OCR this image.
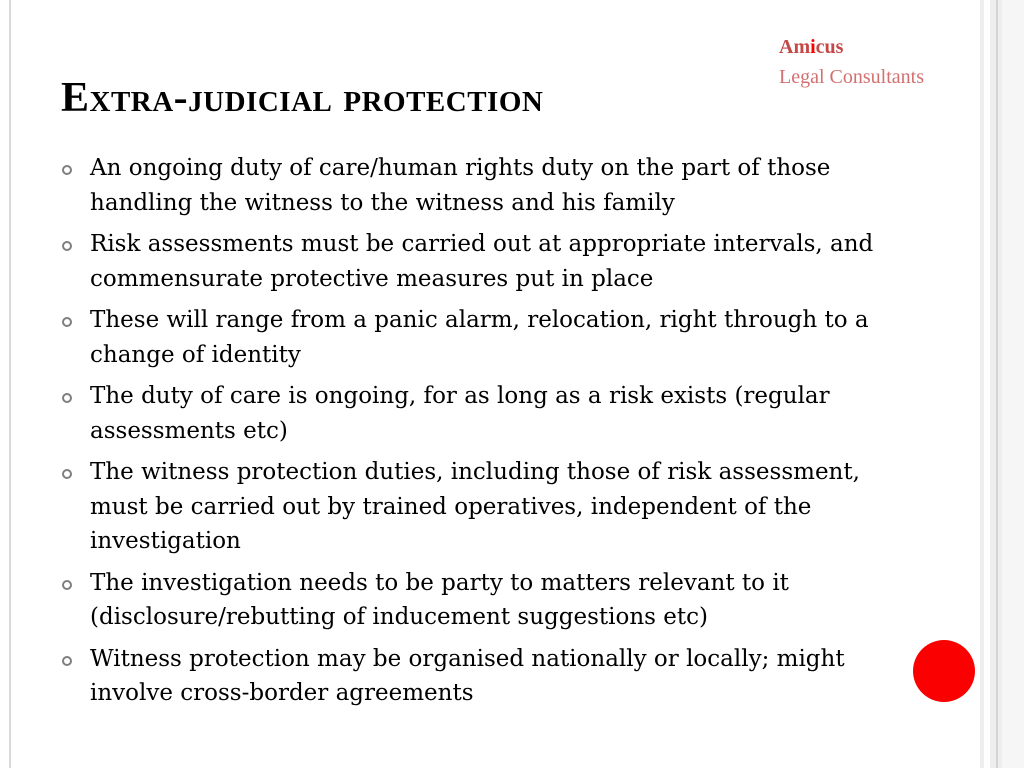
Amicus
Legal Consultants
Extra-judicial protection
An ongoing duty of care/human rights duty on the part of those handling the witness to the witness and his family
Risk assessments must be carried out at appropriate intervals, and commensurate protective measures put in place
These will range from a panic alarm, relocation, right through to a change of identity
The duty of care is ongoing, for as long as a risk exists (regular assessments etc)
The witness protection duties, including those of risk assessment, must be carried out by trained operatives, independent of the investigation
The investigation needs to be party to matters relevant to it (disclosure/rebutting of inducement suggestions etc)
Witness protection may be organised nationally or locally; might involve cross-border agreements
